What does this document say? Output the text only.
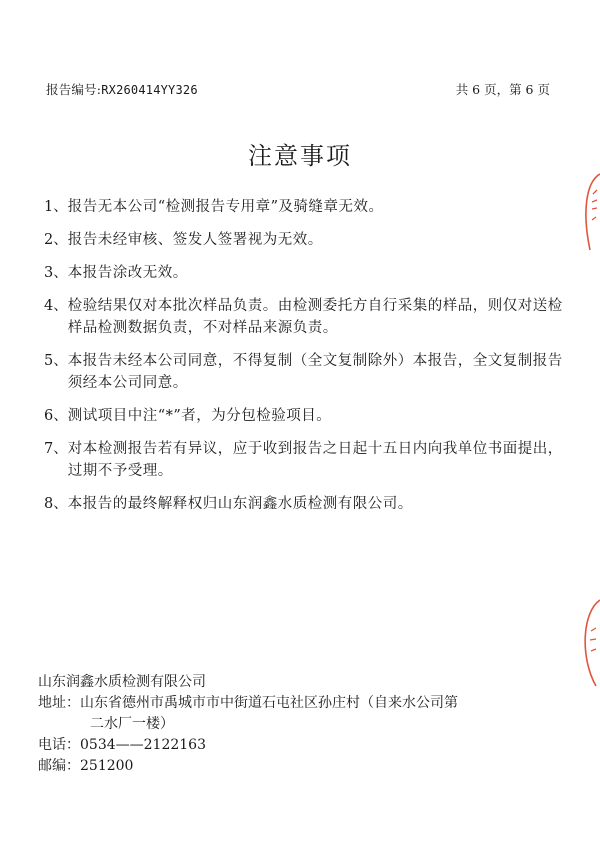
报告编号:RX260414YY326	共 6 页，第 6 页
注意事项
1、 报告无本公司“检测报告专用章”及骑缝章无效。
2、 报告未经审核、签发人签署视为无效。
3、 本报告涂改无效。
4、 检验结果仅对本批次样品负责。由检测委托方自行采集的样品，则仅对送检样品检测数据负责，不对样品来源负责。
5、 本报告未经本公司同意，不得复制（全文复制除外）本报告，全文复制报告须经本公司同意。
6、 测试项目中注“*”者，为分包检验项目。
7、 对本检测报告若有异议，应于收到报告之日起十五日内向我单位书面提出，过期不予受理。
8、 本报告的最终解释权归山东润鑫水质检测有限公司。
山东润鑫水质检测有限公司
地址： 山东省德州市禹城市市中街道石屯社区孙庄村（自来水公司第
二水厂一楼）
电话： 0534——2122163
邮编： 251200
